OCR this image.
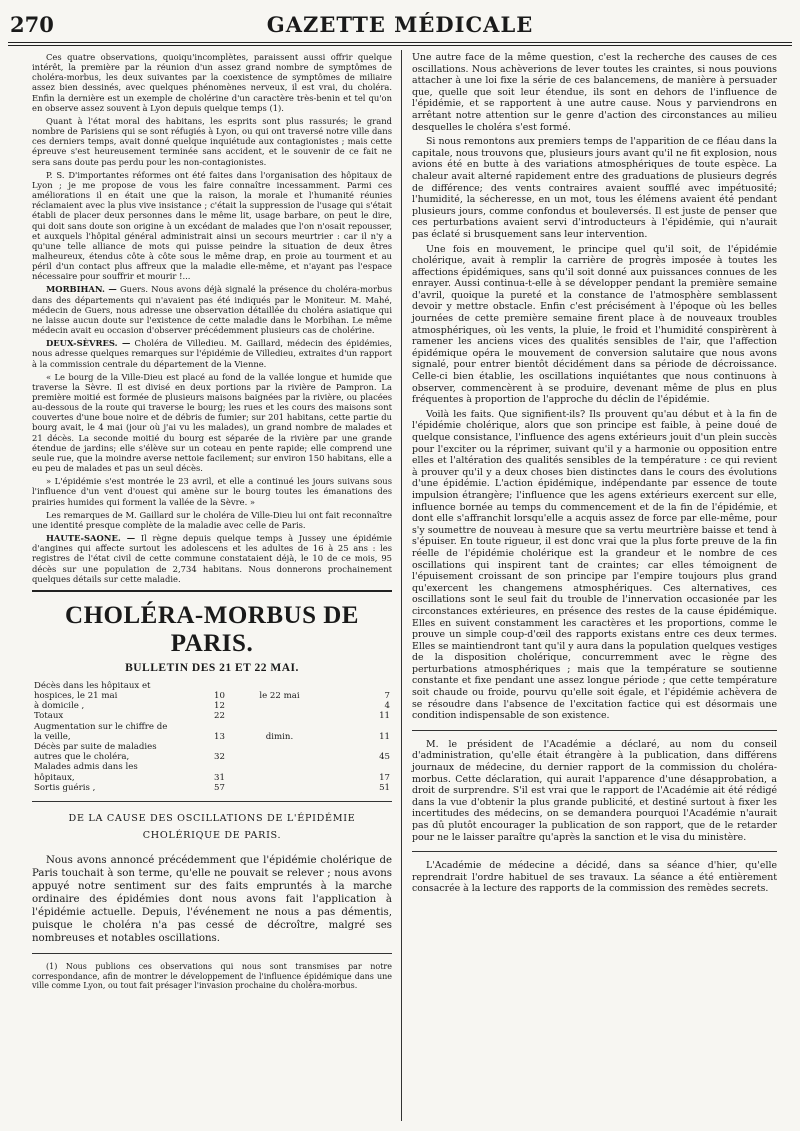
270	GAZETTE MÉDICALE

Ces quatre observations, quoiqu'incomplètes, paraissent aussi offrir quelque intérêt, la première par la réunion d'un assez grand nombre de symptômes de choléra-morbus, les deux suivantes par la coexistence de symptômes de miliaire assez bien dessinés, avec quelques phénomènes nerveux, il est vrai, du choléra. Enfin la dernière est un exemple de cholérine d'un caractère très-benin et tel qu'on en observe assez souvent à Lyon depuis quelque temps (1).

Quant à l'état moral des habitans, les esprits sont plus rassurés; le grand nombre de Parisiens qui se sont réfugiés à Lyon, ou qui ont traversé notre ville dans ces derniers temps, avait donné quelque inquiétude aux contagionistes ; mais cette épreuve s'est heureusement terminée sans accident, et le souvenir de ce fait ne sera sans doute pas perdu pour les non-contagionistes.

P. S. D'importantes réformes ont été faites dans l'organisation des hôpitaux de Lyon ; je me propose de vous les faire connaître incessamment. Parmi ces améliorations il en était une que la raison, la morale et l'humanité réunies réclamaient avec la plus vive insistance ; c'était la suppression de l'usage qui s'était établi de placer deux personnes dans le même lit, usage barbare, on peut le dire, qui doit sans doute son origine à un excédant de malades que l'on n'osait repousser, et auxquels l'hôpital général administrait ainsi un secours meurtrier : car il n'y a qu'une telle alliance de mots qui puisse peindre la situation de deux êtres malheureux, étendus côte à côte sous le même drap, en proie au tourment et au péril d'un contact plus affreux que la maladie elle-même, et n'ayant pas l'espace nécessaire pour souffrir et mourir !...

MORBIHAN. — Guers. Nous avons déjà signalé la présence du choléra-morbus dans des départements qui n'avaient pas été indiqués par le Moniteur. M. Mahé, médecin de Guers, nous adresse une observation détaillée du choléra asiatique qui ne laisse aucun doute sur l'existence de cette maladie dans le Morbihan. Le même médecin avait eu occasion d'observer précédemment plusieurs cas de cholérine.

DEUX-SÈVRES. — Choléra de Villedieu. M. Gaillard, médecin des épidémies, nous adresse quelques remarques sur l'épidémie de Villedieu, extraites d'un rapport à la commission centrale du département de la Vienne.

« Le bourg de la Ville-Dieu est placé au fond de la vallée longue et humide que traverse la Sèvre. Il est divisé en deux portions par la rivière de Pampron. La première moitié est formée de plusieurs maisons baignées par la rivière, ou placées au-dessous de la route qui traverse le bourg; les rues et les cours des maisons sont couvertes d'une boue noire et de débris de fumier; sur 201 habitans, cette partie du bourg avait, le 4 mai (jour où j'ai vu les malades), un grand nombre de malades et 21 décès. La seconde moitié du bourg est séparée de la rivière par une grande étendue de jardins; elle s'élève sur un coteau en pente rapide; elle comprend une seule rue, que la moindre averse nettoie facilement; sur environ 150 habitans, elle a eu peu de malades et pas un seul décès.

» L'épidémie s'est montrée le 23 avril, et elle a continué les jours suivans sous l'influence d'un vent d'ouest qui amène sur le bourg toutes les émanations des prairies humides qui forment la vallée de la Sèvre. »

Les remarques de M. Gaillard sur le choléra de Ville-Dieu lui ont fait reconnaître une identité presque complète de la maladie avec celle de Paris.

HAUTE-SAONE. — Il règne depuis quelque temps à Jussey une épidémie d'angines qui affecte surtout les adolescens et les adultes de 16 à 25 ans : les registres de l'état civil de cette commune constataient déjà, le 10 de ce mois, 95 décès sur une population de 2,734 habitans. Nous donnerons prochainement quelques détails sur cette maladie.

CHOLÉRA-MORBUS DE PARIS.
BULLETIN DES 21 ET 22 MAI.
Décès dans les hôpitaux et hospices, le 21 mai	10	le 22 mai	7
à domicile ,	12		4
Totaux	22		11
Augmentation sur le chiffre de la veille,	13	dimin.	11
Décès par suite de maladies autres que le choléra,	32		45
Malades admis dans les hôpitaux,	31		17
Sortis guéris ,	57		51
DE LA CAUSE DES OSCILLATIONS DE L'ÉPIDÉMIE
CHOLÉRIQUE DE PARIS.

Nous avons annoncé précédemment que l'épidémie cholérique de Paris touchait à son terme, qu'elle ne pouvait se relever ; nous avons appuyé notre sentiment sur des faits empruntés à la marche ordinaire des épidémies dont nous avons fait l'application à l'épidémie actuelle. Depuis, l'événement ne nous a pas démentis, puisque le choléra n'a pas cessé de décroître, malgré ses nombreuses et notables oscillations.

(1) Nous publions ces observations qui nous sont transmises par notre correspondance, afin de montrer le développement de l'influence épidémique dans une ville comme Lyon, ou tout fait présager l'invasion prochaine du choléra-morbus.

Une autre face de la même question, c'est la recherche des causes de ces oscillations. Nous achèverions de lever toutes les craintes, si nous pouvions attacher à une loi fixe la série de ces balancemens, de manière à persuader que, quelle que soit leur étendue, ils sont en dehors de l'influence de l'épidémie, et se rapportent à une autre cause. Nous y parviendrons en arrêtant notre attention sur le genre d'action des circonstances au milieu desquelles le choléra s'est formé.

Si nous remontons aux premiers temps de l'apparition de ce fléau dans la capitale, nous trouvons que, plusieurs jours avant qu'il ne fit explosion, nous avions été en butte à des variations atmosphériques de toute espèce. La chaleur avait alterné rapidement entre des graduations de plusieurs degrés de différence; des vents contraires avaient soufflé avec impétuosité; l'humidité, la sécheresse, en un mot, tous les élémens avaient été pendant plusieurs jours, comme confondus et bouleversés. Il est juste de penser que ces perturbations avaient servi d'introducteurs à l'épidémie, qui n'aurait pas éclaté si brusquement sans leur intervention.

Une fois en mouvement, le principe quel qu'il soit, de l'épidémie cholérique, avait à remplir la carrière de progrès imposée à toutes les affections épidémiques, sans qu'il soit donné aux puissances connues de les enrayer. Aussi continua-t-elle à se développer pendant la première semaine d'avril, quoique la pureté et la constance de l'atmosphère semblassent devoir y mettre obstacle. Enfin c'est précisément à l'époque où les belles journées de cette première semaine firent place à de nouveaux troubles atmosphériques, où les vents, la pluie, le froid et l'humidité conspirèrent à ramener les anciens vices des qualités sensibles de l'air, que l'affection épidémique opéra le mouvement de conversion salutaire que nous avons signalé, pour entrer bientôt décidément dans sa période de décroissance. Celle-ci bien établie, les oscillations inquiétantes que nous continuons à observer, commencèrent à se produire, devenant même de plus en plus fréquentes à proportion de l'approche du déclin de l'épidémie.

Voilà les faits. Que signifient-ils? Ils prouvent qu'au début et à la fin de l'épidémie cholérique, alors que son principe est faible, à peine doué de quelque consistance, l'influence des agens extérieurs jouit d'un plein succès pour l'exciter ou la réprimer, suivant qu'il y a harmonie ou opposition entre elles et l'altération des qualités sensibles de la température : ce qui revient à prouver qu'il y a deux choses bien distinctes dans le cours des évolutions d'une épidémie. L'action épidémique, indépendante par essence de toute impulsion étrangère; l'influence que les agens extérieurs exercent sur elle, influence bornée au temps du commencement et de la fin de l'épidémie, et dont elle s'affranchit lorsqu'elle a acquis assez de force par elle-même, pour s'y soumettre de nouveau à mesure que sa vertu meurtrière baisse et tend à s'épuiser. En toute rigueur, il est donc vrai que la plus forte preuve de la fin réelle de l'épidémie cholérique est la grandeur et le nombre de ces oscillations qui inspirent tant de craintes; car elles témoignent de l'épuisement croissant de son principe par l'empire toujours plus grand qu'exercent les changemens atmosphériques. Ces alternatives, ces oscillations sont le seul fait du trouble de l'innervation occasionée par les circonstances extérieures, en présence des restes de la cause épidémique. Elles en suivent constamment les caractères et les proportions, comme le prouve un simple coup-d'œil des rapports existans entre ces deux termes. Elles se maintiendront tant qu'il y aura dans la population quelques vestiges de la disposition cholérique, concurremment avec le règne des perturbations atmosphériques ; mais que la température se soutienne constante et fixe pendant une assez longue période ; que cette température soit chaude ou froide, pourvu qu'elle soit égale, et l'épidémie achèvera de se résoudre dans l'absence de l'excitation factice qui est désormais une condition indispensable de son existence.

M. le président de l'Académie a déclaré, au nom du conseil d'administration, qu'elle était étrangère à la publication, dans différens journaux de médecine, du dernier rapport de la commission du choléra-morbus. Cette déclaration, qui aurait l'apparence d'une désapprobation, a droit de surprendre. S'il est vrai que le rapport de l'Académie ait été rédigé dans la vue d'obtenir la plus grande publicité, et destiné surtout à fixer les incertitudes des médecins, on se demandera pourquoi l'Académie n'aurait pas dû plutôt encourager la publication de son rapport, que de le retarder pour ne le laisser paraître qu'après la sanction et le visa du ministère.

L'Académie de médecine a décidé, dans sa séance d'hier, qu'elle reprendrait l'ordre habituel de ses travaux. La séance a été entièrement consacrée à la lecture des rapports de la commission des remèdes secrets.
